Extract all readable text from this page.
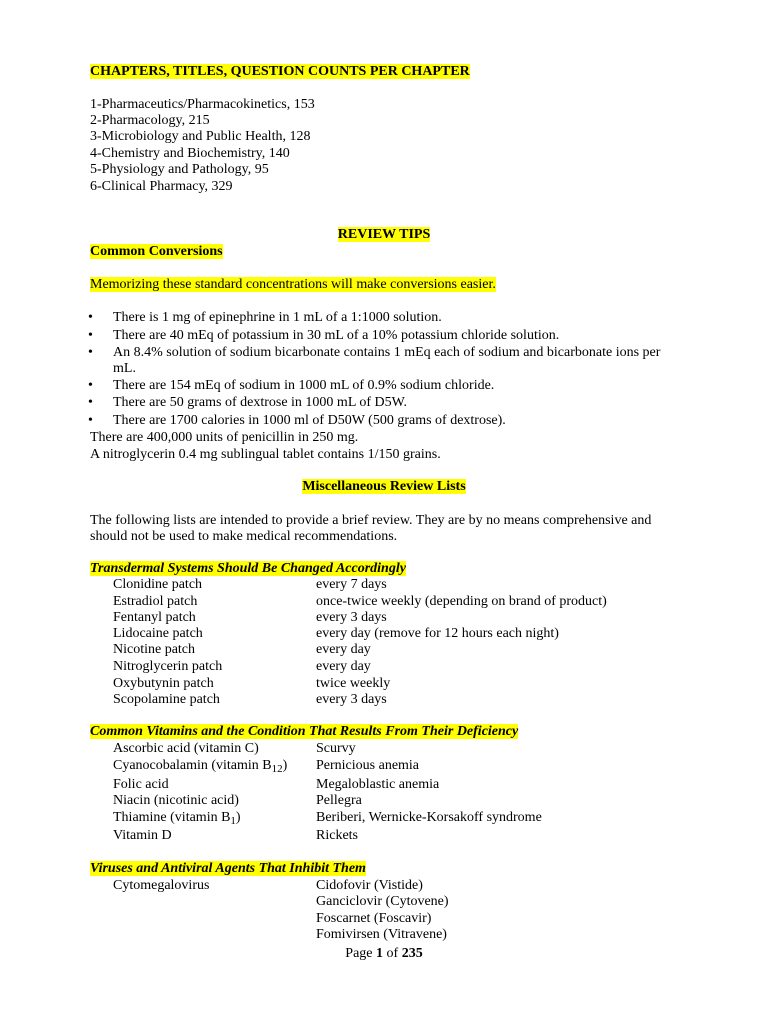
CHAPTERS, TITLES, QUESTION COUNTS PER CHAPTER
1-Pharmaceutics/Pharmacokinetics, 153
2-Pharmacology, 215
3-Microbiology and Public Health, 128
4-Chemistry and Biochemistry, 140
5-Physiology and Pathology, 95
6-Clinical Pharmacy, 329
REVIEW TIPS
Common Conversions
Memorizing these standard concentrations will make conversions easier.
• There is 1 mg of epinephrine in 1 mL of a 1:1000 solution.
• There are 40 mEq of potassium in 30 mL of a 10% potassium chloride solution.
• An 8.4% solution of sodium bicarbonate contains 1 mEq each of sodium and bicarbonate ions per
mL.
• There are 154 mEq of sodium in 1000 mL of 0.9% sodium chloride.
• There are 50 grams of dextrose in 1000 mL of D5W.
• There are 1700 calories in 1000 ml of D50W (500 grams of dextrose).
There are 400,000 units of penicillin in 250 mg.
A nitroglycerin 0.4 mg sublingual tablet contains 1/150 grains.
Miscellaneous Review Lists
The following lists are intended to provide a brief review. They are by no means comprehensive and
should not be used to make medical recommendations.
Transdermal Systems Should Be Changed Accordingly
Clonidine patch	every 7 days
Estradiol patch	once-twice weekly (depending on brand of product)
Fentanyl patch	every 3 days
Lidocaine patch	every day (remove for 12 hours each night)
Nicotine patch	every day
Nitroglycerin patch	every day
Oxybutynin patch	twice weekly
Scopolamine patch	every 3 days
Common Vitamins and the Condition That Results From Their Deficiency
Ascorbic acid (vitamin C)	Scurvy
Cyanocobalamin (vitamin $B_{12}$) Pernicious anemia
Folic acid	Megaloblastic anemia
Niacin (nicotinic acid)	Pellegra
Thiamine (vitamin $B_1$)	Beriberi, Wernicke-Korsakoff syndrome
Vitamin D	Rickets
Viruses and Antiviral Agents That Inhibit Them
Cytomegalovirus	Cidofovir (Vistide)
Ganciclovir (Cytovene)
Foscarnet (Foscavir)
Fomivirsen (Vitravene)
Page 1 of 235
